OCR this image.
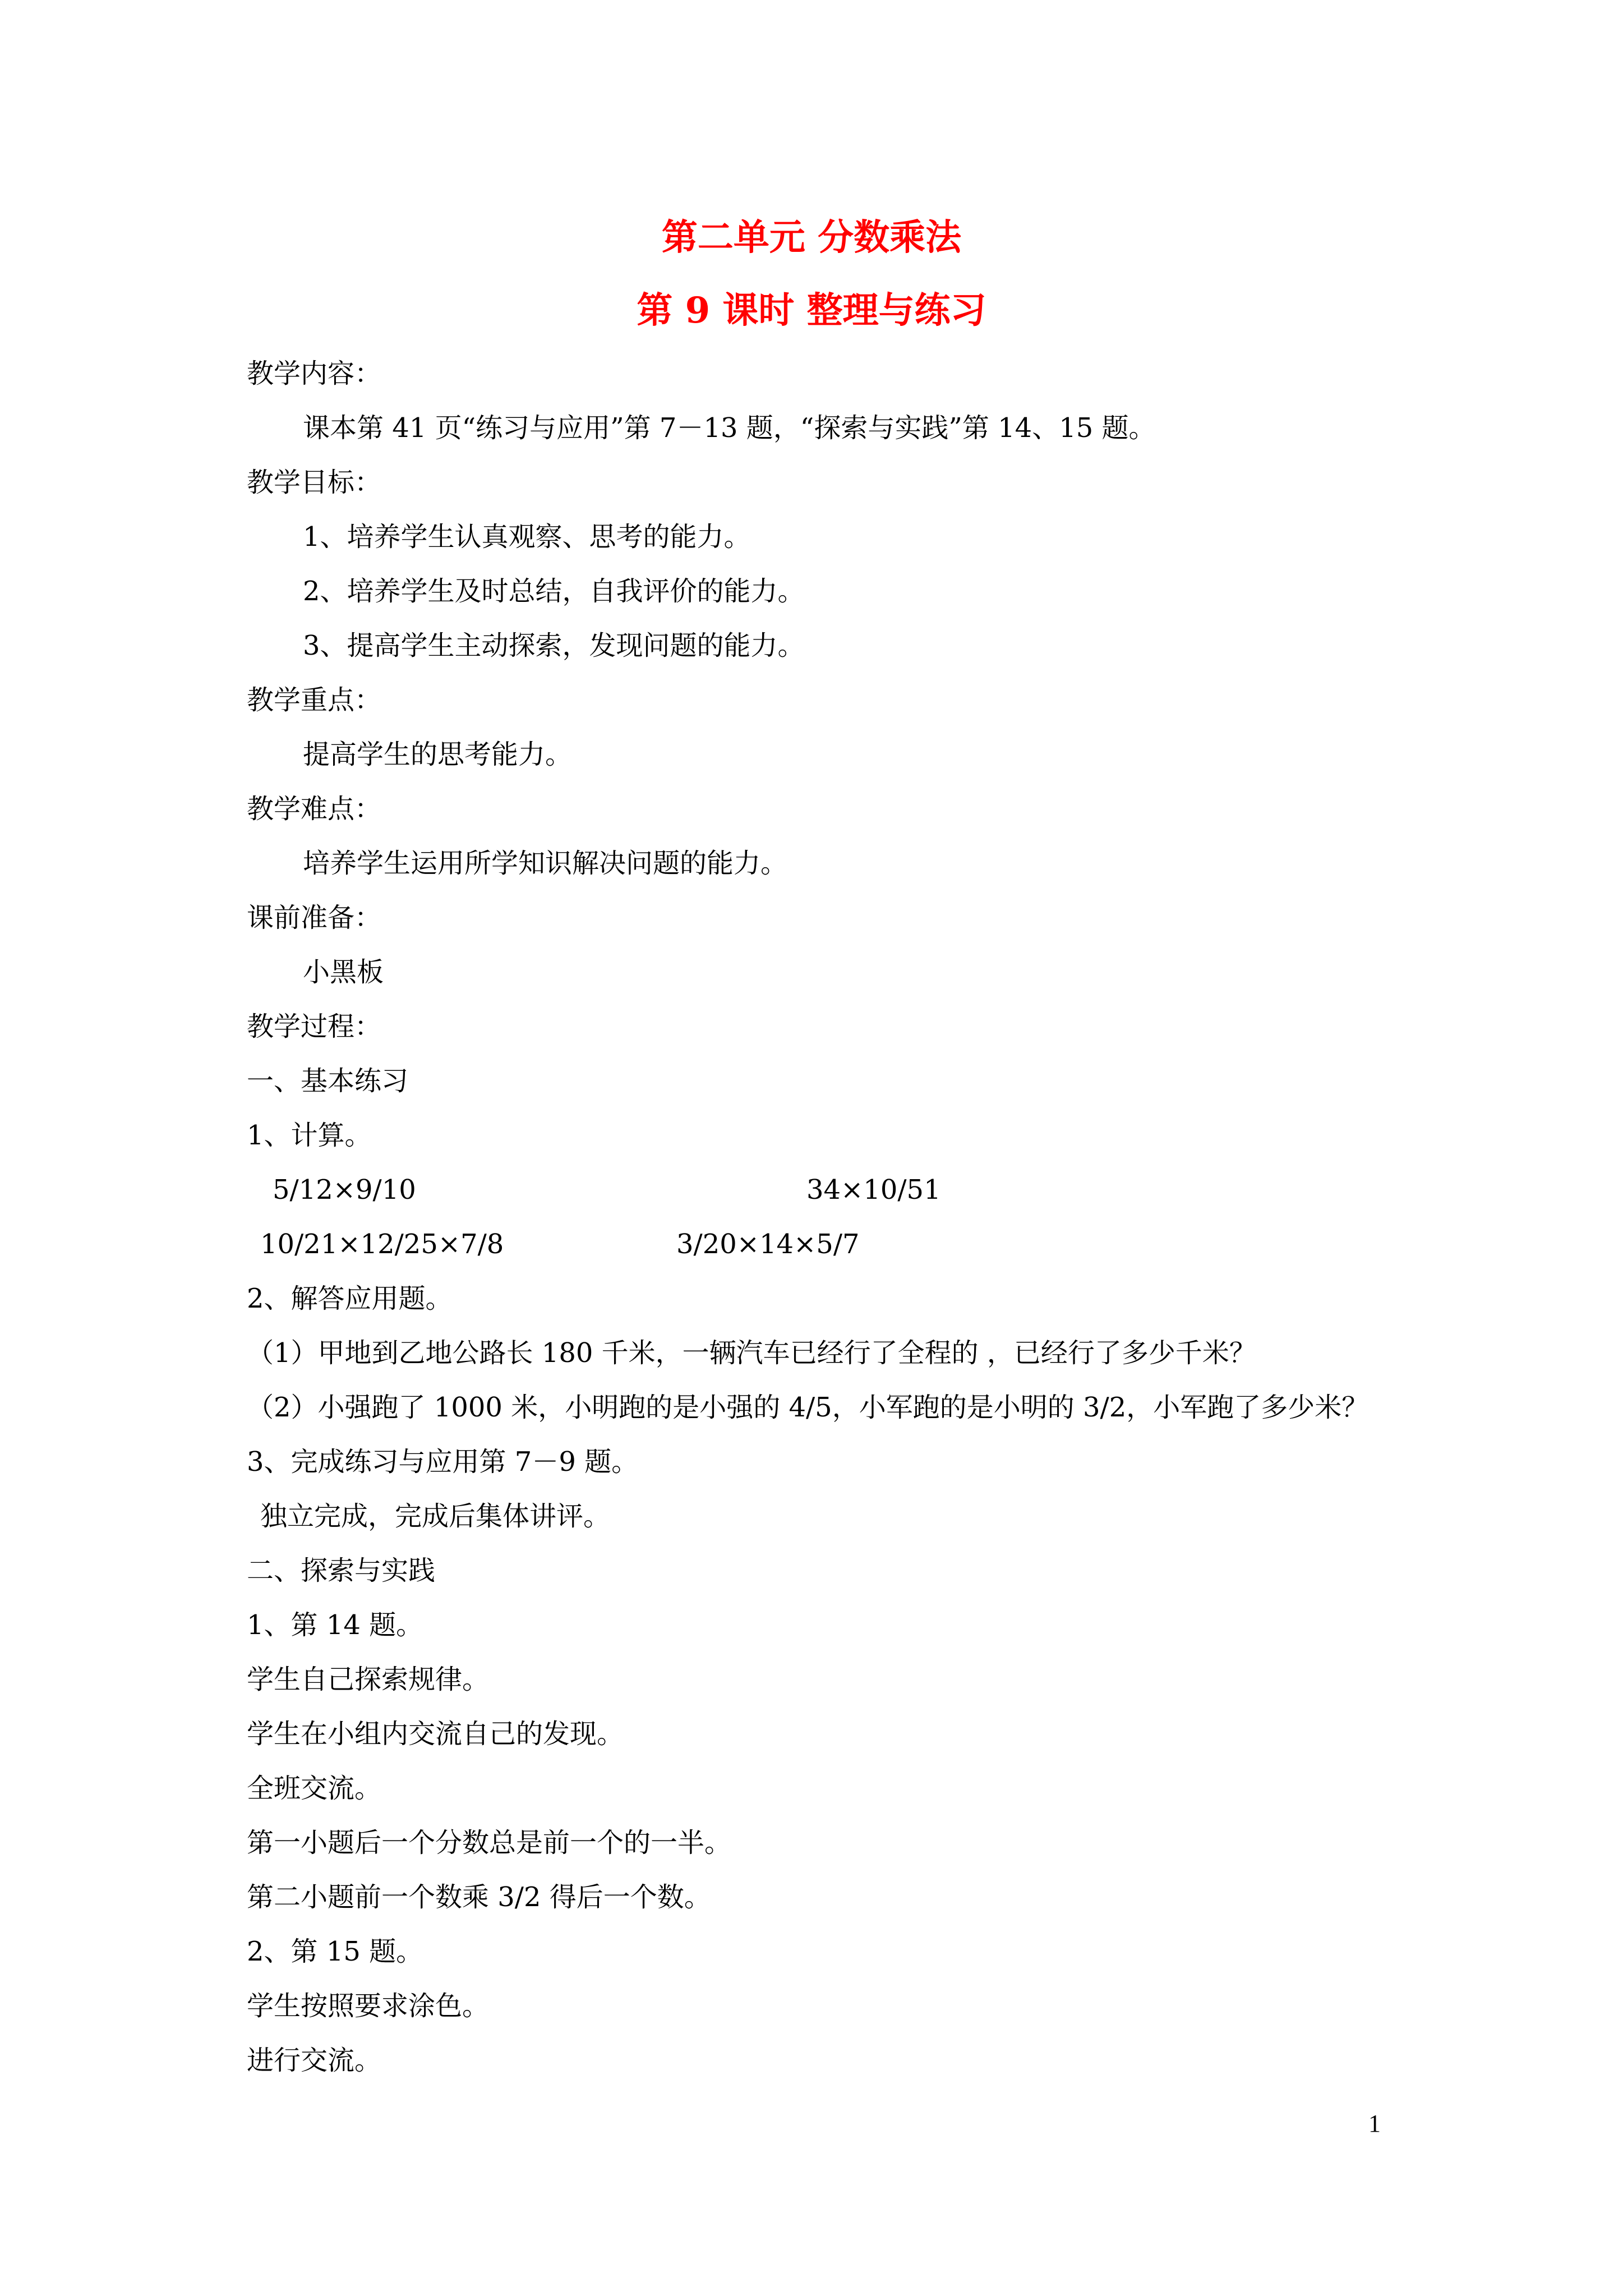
第二单元 分数乘法
第 9 课时 整理与练习
教学内容：
课本第 41 页“练习与应用”第 7－13 题，“探索与实践”第 14、15 题。
教学目标：
1、培养学生认真观察、思考的能力。
2、培养学生及时总结，自我评价的能力。
3、提高学生主动探索，发现问题的能力。
教学重点：
提高学生的思考能力。
教学难点：
培养学生运用所学知识解决问题的能力。
课前准备：
小黑板
教学过程：
一、基本练习
1、计算。
5/12×9/10	34×10/51
10/21×12/25×7/8	3/20×14×5/7
2、解答应用题。
（1）甲地到乙地公路长 180 千米，一辆汽车已经行了全程的 ，已经行了多少千米？
（2）小强跑了 1000 米，小明跑的是小强的 4/5，小军跑的是小明的 3/2，小军跑了多少米？
3、完成练习与应用第 7－9 题。
独立完成，完成后集体讲评。
二、探索与实践
1、第 14 题。
学生自己探索规律。
学生在小组内交流自己的发现。
全班交流。
第一小题后一个分数总是前一个的一半。
第二小题前一个数乘 3/2 得后一个数。
2、第 15 题。
学生按照要求涂色。
进行交流。
1
